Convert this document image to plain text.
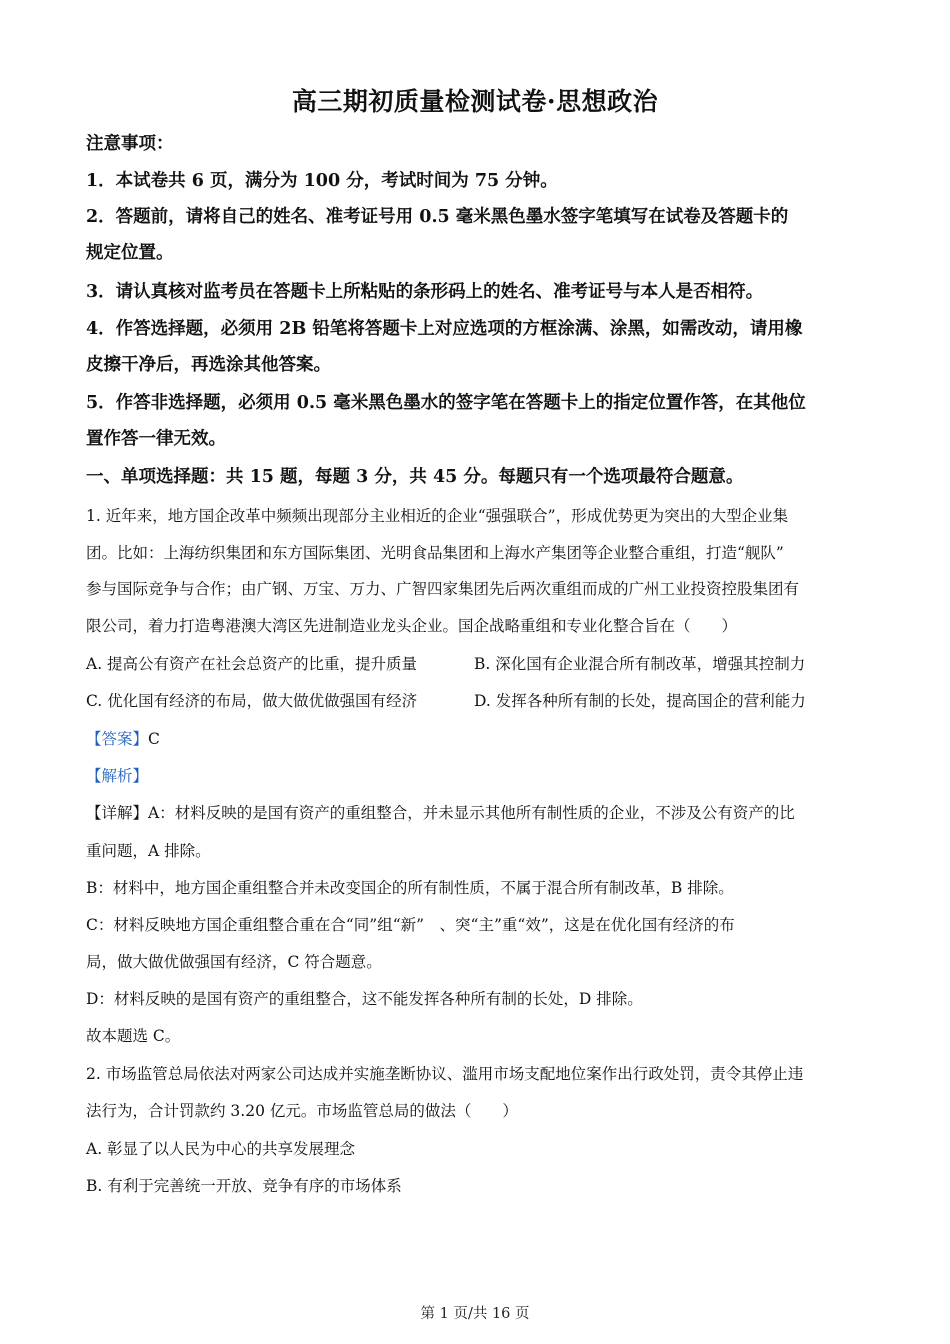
高三期初质量检测试卷·思想政治
注意事项：
1．本试卷共 6 页，满分为 100 分，考试时间为 75 分钟。
2．答题前，请将自己的姓名、准考证号用 0.5 毫米黑色墨水签字笔填写在试卷及答题卡的
规定位置。
3．请认真核对监考员在答题卡上所粘贴的条形码上的姓名、准考证号与本人是否相符。
4．作答选择题，必须用 2B 铅笔将答题卡上对应选项的方框涂满、涂黑，如需改动，请用橡
皮擦干净后，再选涂其他答案。
5．作答非选择题，必须用 0.5 毫米黑色墨水的签字笔在答题卡上的指定位置作答，在其他位
置作答一律无效。
一、单项选择题：共 15 题，每题 3 分，共 45 分。每题只有一个选项最符合题意。
1. 近年来，地方国企改革中频频出现部分主业相近的企业“强强联合”，形成优势更为突出的大型企业集
团。比如：上海纺织集团和东方国际集团、光明食品集团和上海水产集团等企业整合重组，打造“舰队”
参与国际竞争与合作；由广钢、万宝、万力、广智四家集团先后两次重组而成的广州工业投资控股集团有
限公司，着力打造粤港澳大湾区先进制造业龙头企业。国企战略重组和专业化整合旨在（　　）
A. 提高公有资产在社会总资产的比重，提升质量	B. 深化国有企业混合所有制改革，增强其控制力
C. 优化国有经济的布局，做大做优做强国有经济	D. 发挥各种所有制的长处，提高国企的营利能力
【答案】C
【解析】
【详解】A：材料反映的是国有资产的重组整合，并未显示其他所有制性质的企业，不涉及公有资产的比
重问题，A 排除。
B：材料中，地方国企重组整合并未改变国企的所有制性质，不属于混合所有制改革，B 排除。
C：材料反映地方国企重组整合重在合“同”组“新”　、突“主”重“效”，这是在优化国有经济的布
局，做大做优做强国有经济，C 符合题意。
D：材料反映的是国有资产的重组整合，这不能发挥各种所有制的长处，D 排除。
故本题选 C。
2. 市场监管总局依法对两家公司达成并实施垄断协议、滥用市场支配地位案作出行政处罚，责令其停止违
法行为，合计罚款约 3.20 亿元。市场监管总局的做法（　　）
A. 彰显了以人民为中心的共享发展理念
B. 有利于完善统一开放、竞争有序的市场体系
第 1 页/共 16 页
